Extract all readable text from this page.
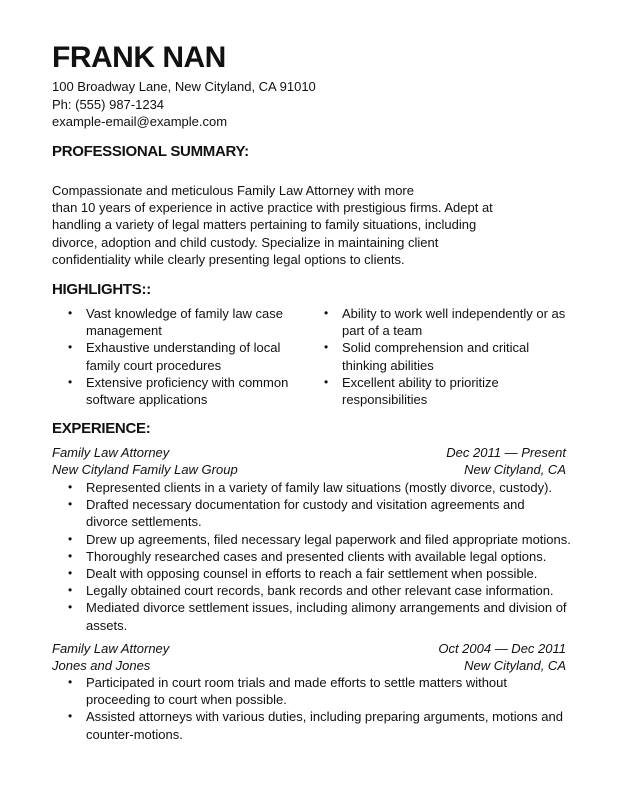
FRANK NAN
100 Broadway Lane, New Cityland, CA 91010
Ph: (555) 987-1234
example-email@example.com
PROFESSIONAL SUMMARY:
Compassionate and meticulous Family Law Attorney with more
than 10 years of experience in active practice with prestigious firms. Adept at
handling a variety of legal matters pertaining to family situations, including
divorce, adoption and child custody. Specialize in maintaining client
confidentiality while clearly presenting legal options to clients.
HIGHLIGHTS::
• Vast knowledge of family law case
management
• Exhaustive understanding of local
family court procedures
• Extensive proficiency with common
software applications
• Ability to work well independently or as
part of a team
• Solid comprehension and critical
thinking abilities
• Excellent ability to prioritize
responsibilities
EXPERIENCE:
Family Law Attorney	Dec 2011 — Present
New Cityland Family Law Group	New Cityland, CA
• Represented clients in a variety of family law situations (mostly divorce, custody).
• Drafted necessary documentation for custody and visitation agreements and
divorce settlements.
• Drew up agreements, filed necessary legal paperwork and filed appropriate motions.
• Thoroughly researched cases and presented clients with available legal options.
• Dealt with opposing counsel in efforts to reach a fair settlement when possible.
• Legally obtained court records, bank records and other relevant case information.
• Mediated divorce settlement issues, including alimony arrangements and division of
assets.
Family Law Attorney	Oct 2004 — Dec 2011
Jones and Jones	New Cityland, CA
• Participated in court room trials and made efforts to settle matters without
proceeding to court when possible.
• Assisted attorneys with various duties, including preparing arguments, motions and
counter-motions.
